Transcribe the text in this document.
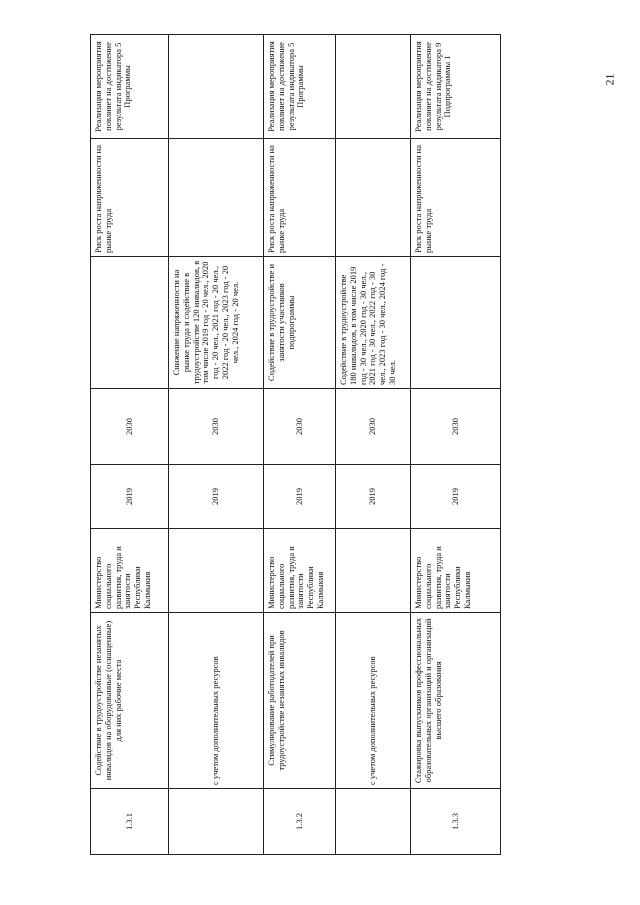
21
1.3.1	Содействие в трудоустройстве незанятых инвалидов на оборудованные (оснащенные) для них рабочие места	Министерство социального развития, труда и занятости Республики Калмыкия	2019	2030		Риск роста напряженности на рынке труда	Реализация мероприятия повлияет на достижение результата индикатора 5 Программы
	с учетом дополнительных ресурсов		2019	2030	Снижение напряженности на рынке труда и содействие в трудоустройстве 120 инвалидов, в том числе 2019 год - 20 чел., 2020 год - 20 чел., 2021 год - 20 чел., 2022 год - 20 чел., 2023 год - 20 чел., 2024 год - 20 чел.		
1.3.2	Стимулирование работодателей при трудоустройстве незанятых инвалидов	Министерство социального развития, труда и занятости Республики Калмыкия	2019	2030	Содействие в трудоустройстве и занятости участников подпрограммы	Риск роста напряженности на рынке труда	Реализация мероприятия повлияет на достижение результата индикатора 5 Программы
	с учетом дополнительных ресурсов		2019	2030	Содействие в трудоустройстве 180 инвалидов, в том числе 2019 год - 30 чел., 2020 год - 30 чел., 2021 год - 30 чел., 2022 год - 30 чел., 2023 год - 30 чел., 2024 год - 30 чел.		
1.3.3	Стажировка выпускников профессиональных образовательных организаций и организаций высшего образования	Министерство социального развития, труда и занятости Республики Калмыкия	2019	2030		Риск роста напряженности на рынке труда	Реализация мероприятия повлияет на достижение результата индикатора 9 Подпрограммы 1
